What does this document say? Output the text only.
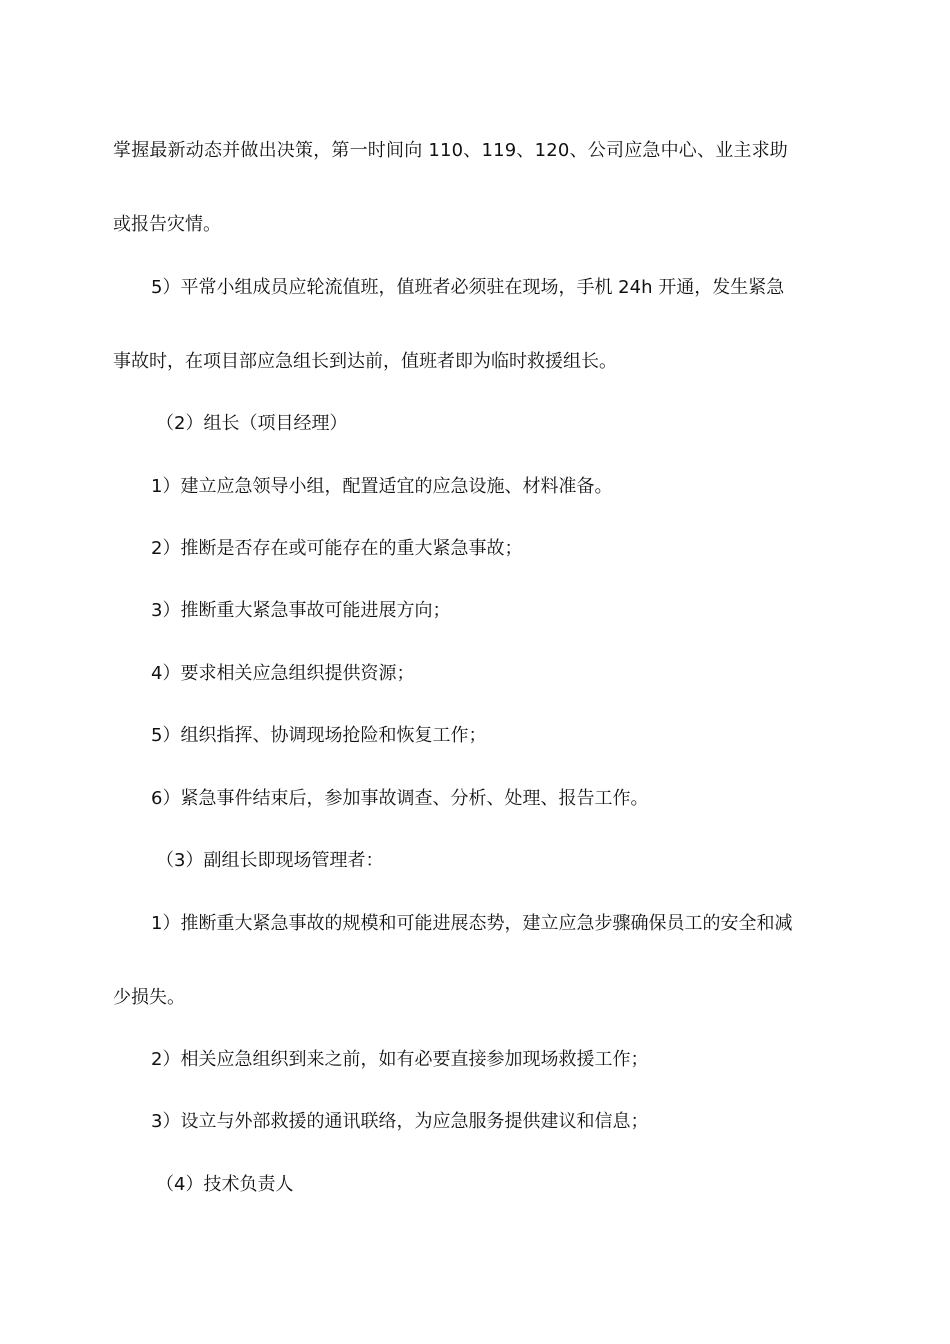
掌握最新动态并做出决策，第一时间向 110、119、120、公司应急中心、业主求助
或报告灾情。
5）平常小组成员应轮流值班，值班者必须驻在现场，手机 24h 开通，发生紧急
事故时，在项目部应急组长到达前，值班者即为临时救援组长。
（2）组长（项目经理）
1）建立应急领导小组，配置适宜的应急设施、材料准备。
2）推断是否存在或可能存在的重大紧急事故；
3）推断重大紧急事故可能进展方向；
4）要求相关应急组织提供资源；
5）组织指挥、协调现场抢险和恢复工作；
6）紧急事件结束后，参加事故调查、分析、处理、报告工作。
（3）副组长即现场管理者：
1）推断重大紧急事故的规模和可能进展态势，建立应急步骤确保员工的安全和减
少损失。
2）相关应急组织到来之前，如有必要直接参加现场救援工作；
3）设立与外部救援的通讯联络，为应急服务提供建议和信息；
（4）技术负责人
